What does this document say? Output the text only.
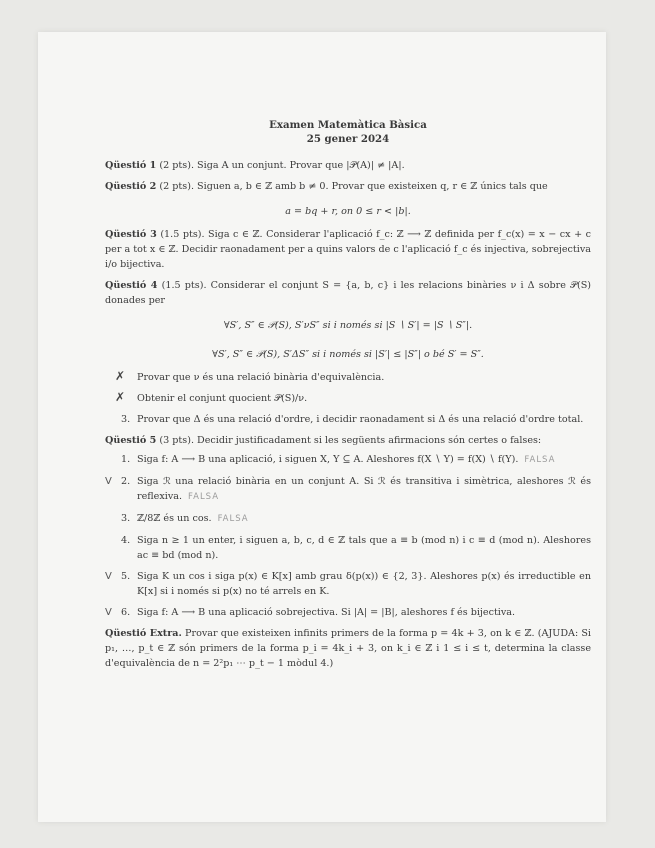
Examen Matemàtica Bàsica
25 gener 2024
Qüestió 1 (2 pts). Siga A un conjunt. Provar que |𝒫(A)| ≠ |A|.
Qüestió 2 (2 pts). Siguen a, b ∈ ℤ amb b ≠ 0. Provar que existeixen q, r ∈ ℤ únics tals que
a = bq + r, on 0 ≤ r < |b|.
Qüestió 3 (1.5 pts). Siga c ∈ ℤ. Considerar l'aplicació f_c: ℤ ⟶ ℤ definida per f_c(x) = x − cx + c per a tot x ∈ ℤ. Decidir raonadament per a quins valors de c l'aplicació f_c és injectiva, sobrejectiva i/o bijectiva.
Qüestió 4 (1.5 pts). Considerar el conjunt S = {a, b, c} i les relacions binàries ν i Δ sobre 𝒫(S) donades per
∀S′, S″ ∈ 𝒫(S), S′νS″ si i només si |S ∖ S′| = |S ∖ S″|.
∀S′, S″ ∈ 𝒫(S), S′ΔS″ si i només si |S′| ≤ |S″| o bé S′ = S″.
✗ Provar que ν és una relació binària d'equivalència.
✗ Obtenir el conjunt quocient 𝒫(S)/ν.
3. Provar que Δ és una relació d'ordre, i decidir raonadament si Δ és una relació d'ordre total.
Qüestió 5 (3 pts). Decidir justificadament si les següents afirmacions són certes o falses:
1. Siga f: A ⟶ B una aplicació, i siguen X, Y ⊆ A. Aleshores f(X ∖ Y) = f(X) ∖ f(Y). FALSA
V 2. Siga ℛ una relació binària en un conjunt A. Si ℛ és transitiva i simètrica, aleshores ℛ és reflexiva. FALSA
3. ℤ/8ℤ és un cos. FALSA
4. Siga n ≥ 1 un enter, i siguen a, b, c, d ∈ ℤ tals que a ≡ b (mod n) i c ≡ d (mod n). Aleshores ac ≡ bd (mod n).
V 5. Siga K un cos i siga p(x) ∈ K[x] amb grau δ(p(x)) ∈ {2, 3}. Aleshores p(x) és irreductible en K[x] si i només si p(x) no té arrels en K.
V 6. Siga f: A ⟶ B una aplicació sobrejectiva. Si |A| = |B|, aleshores f és bijectiva.
Qüestió Extra. Provar que existeixen infinits primers de la forma p = 4k + 3, on k ∈ ℤ. (AJUDA: Si p₁, …, p_t ∈ ℤ són primers de la forma p_i = 4k_i + 3, on k_i ∈ ℤ i 1 ≤ i ≤ t, determina la classe d'equivalència de n = 2²p₁ ⋯ p_t − 1 mòdul 4.)
